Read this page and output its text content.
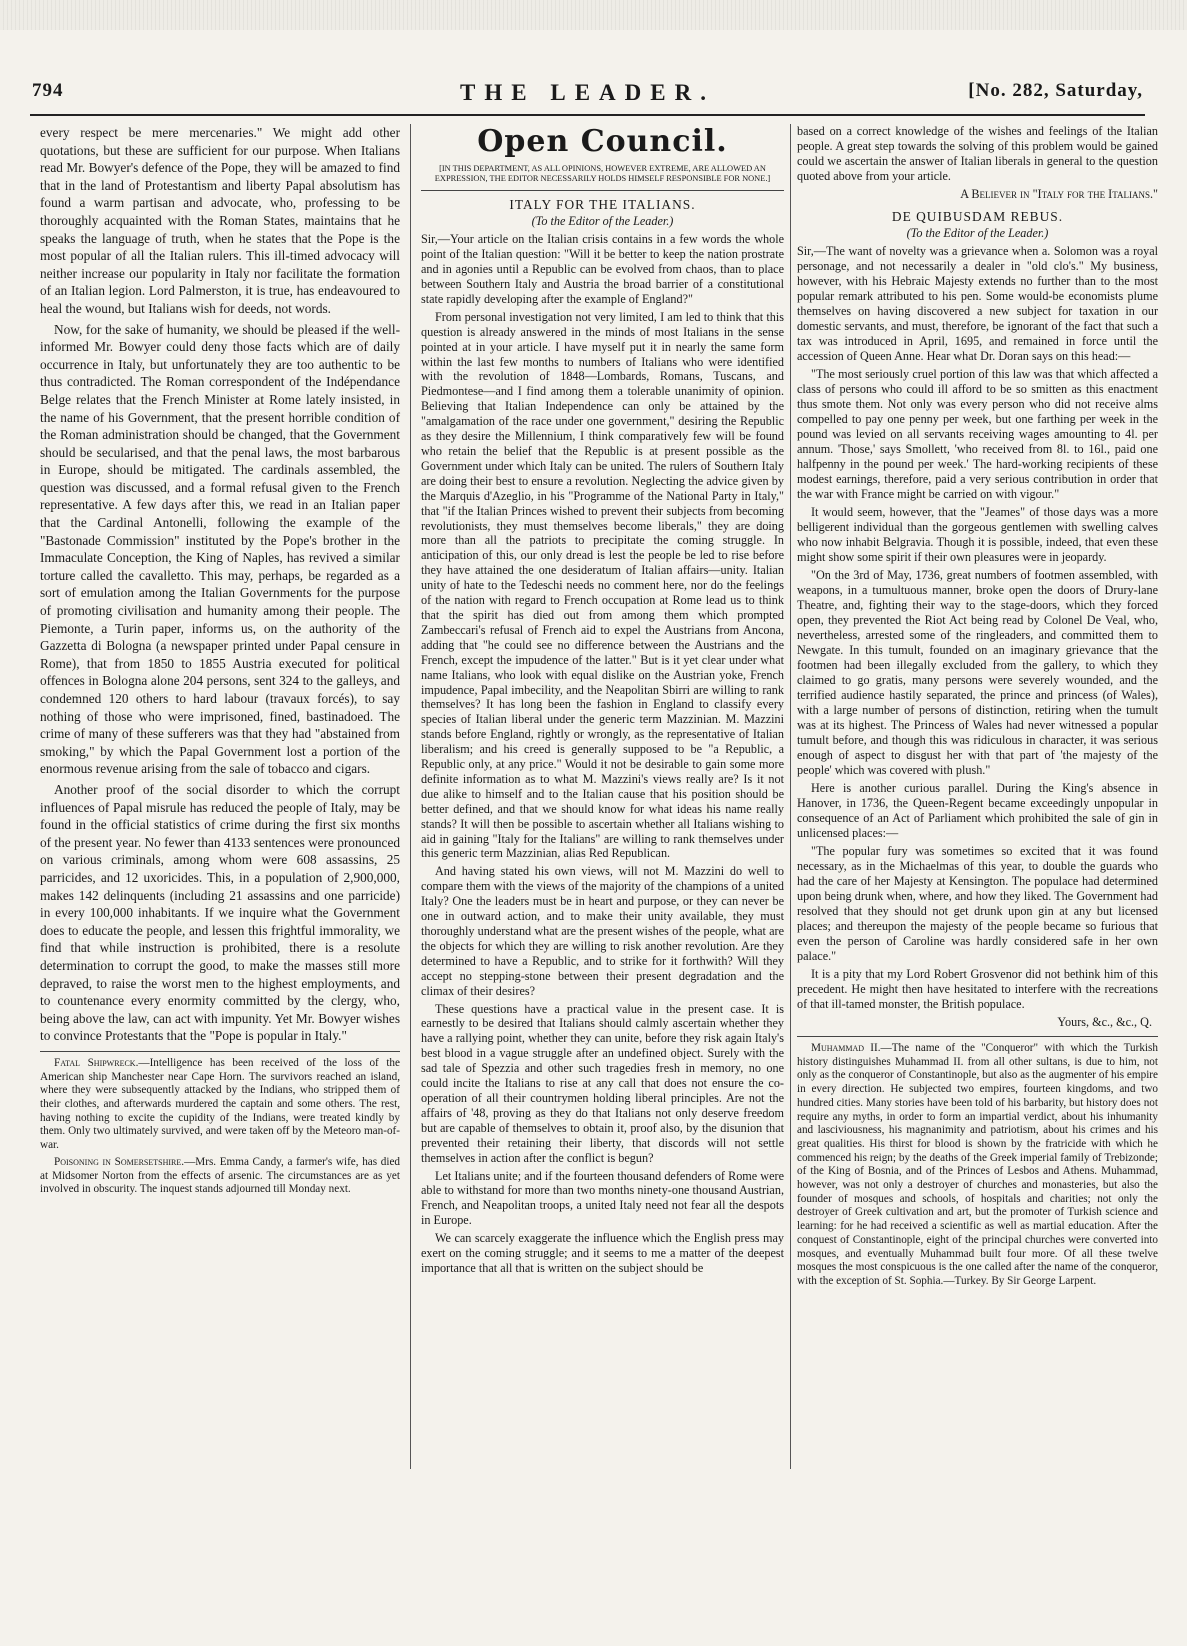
794	THE LEADER.	[No. 282, Saturday,

every respect be mere mercenaries." We might add other quotations, but these are sufficient for our purpose. When Italians read Mr. Bowyer's defence of the Pope, they will be amazed to find that in the land of Protestantism and liberty Papal absolutism has found a warm partisan and advocate, who, professing to be thoroughly acquainted with the Roman States, maintains that he speaks the language of truth, when he states that the Pope is the most popular of all the Italian rulers. This ill-timed advocacy will neither increase our popularity in Italy nor facilitate the formation of an Italian legion. Lord Palmerston, it is true, has endeavoured to heal the wound, but Italians wish for deeds, not words.

Now, for the sake of humanity, we should be pleased if the well-informed Mr. Bowyer could deny those facts which are of daily occurrence in Italy, but unfortunately they are too authentic to be thus contradicted. The Roman correspondent of the Indépendance Belge relates that the French Minister at Rome lately insisted, in the name of his Government, that the present horrible condition of the Roman administration should be changed, that the Government should be secularised, and that the penal laws, the most barbarous in Europe, should be mitigated. The cardinals assembled, the question was discussed, and a formal refusal given to the French representative. A few days after this, we read in an Italian paper that the Cardinal Antonelli, following the example of the "Bastonade Commission" instituted by the Pope's brother in the Immaculate Conception, the King of Naples, has revived a similar torture called the cavalletto. This may, perhaps, be regarded as a sort of emulation among the Italian Governments for the purpose of promoting civilisation and humanity among their people. The Piemonte, a Turin paper, informs us, on the authority of the Gazzetta di Bologna (a newspaper printed under Papal censure in Rome), that from 1850 to 1855 Austria executed for political offences in Bologna alone 204 persons, sent 324 to the galleys, and condemned 120 others to hard labour (travaux forcés), to say nothing of those who were imprisoned, fined, bastinadoed. The crime of many of these sufferers was that they had "abstained from smoking," by which the Papal Government lost a portion of the enormous revenue arising from the sale of tobacco and cigars.

Another proof of the social disorder to which the corrupt influences of Papal misrule has reduced the people of Italy, may be found in the official statistics of crime during the first six months of the present year. No fewer than 4133 sentences were pronounced on various criminals, among whom were 608 assassins, 25 parricides, and 12 uxoricides. This, in a population of 2,900,000, makes 142 delinquents (including 21 assassins and one parricide) in every 100,000 inhabitants. If we inquire what the Government does to educate the people, and lessen this frightful immorality, we find that while instruction is prohibited, there is a resolute determination to corrupt the good, to make the masses still more depraved, to raise the worst men to the highest employments, and to countenance every enormity committed by the clergy, who, being above the law, can act with impunity. Yet Mr. Bowyer wishes to convince Protestants that the "Pope is popular in Italy."

Fatal Shipwreck.—Intelligence has been received of the loss of the American ship Manchester near Cape Horn. The survivors reached an island, where they were subsequently attacked by the Indians, who stripped them of their clothes, and afterwards murdered the captain and some others. The rest, having nothing to excite the cupidity of the Indians, were treated kindly by them. Only two ultimately survived, and were taken off by the Meteoro man-of-war.

Poisoning in Somersetshire.—Mrs. Emma Candy, a farmer's wife, has died at Midsomer Norton from the effects of arsenic. The circumstances are as yet involved in obscurity. The inquest stands adjourned till Monday next.

Open Council.

[IN THIS DEPARTMENT, AS ALL OPINIONS, HOWEVER EXTREME, ARE ALLOWED AN EXPRESSION, THE EDITOR NECESSARILY HOLDS HIMSELF RESPONSIBLE FOR NONE.]

ITALY FOR THE ITALIANS.

(To the Editor of the Leader.)

Sir,—Your article on the Italian crisis contains in a few words the whole point of the Italian question: "Will it be better to keep the nation prostrate and in agonies until a Republic can be evolved from chaos, than to place between Southern Italy and Austria the broad barrier of a constitutional state rapidly developing after the example of England?"

From personal investigation not very limited, I am led to think that this question is already answered in the minds of most Italians in the sense pointed at in your article. I have myself put it in nearly the same form within the last few months to numbers of Italians who were identified with the revolution of 1848—Lombards, Romans, Tuscans, and Piedmontese—and I find among them a tolerable unanimity of opinion. Believing that Italian Independence can only be attained by the "amalgamation of the race under one government," desiring the Republic as they desire the Millennium, I think comparatively few will be found who retain the belief that the Republic is at present possible as the Government under which Italy can be united. The rulers of Southern Italy are doing their best to ensure a revolution. Neglecting the advice given by the Marquis d'Azeglio, in his "Programme of the National Party in Italy," that "if the Italian Princes wished to prevent their subjects from becoming revolutionists, they must themselves become liberals," they are doing more than all the patriots to precipitate the coming struggle. In anticipation of this, our only dread is lest the people be led to rise before they have attained the one desideratum of Italian affairs—unity. Italian unity of hate to the Tedeschi needs no comment here, nor do the feelings of the nation with regard to French occupation at Rome lead us to think that the spirit has died out from among them which prompted Zambeccari's refusal of French aid to expel the Austrians from Ancona, adding that "he could see no difference between the Austrians and the French, except the impudence of the latter." But is it yet clear under what name Italians, who look with equal dislike on the Austrian yoke, French impudence, Papal imbecility, and the Neapolitan Sbirri are willing to rank themselves? It has long been the fashion in England to classify every species of Italian liberal under the generic term Mazzinian. M. Mazzini stands before England, rightly or wrongly, as the representative of Italian liberalism; and his creed is generally supposed to be "a Republic, a Republic only, at any price." Would it not be desirable to gain some more definite information as to what M. Mazzini's views really are? Is it not due alike to himself and to the Italian cause that his position should be better defined, and that we should know for what ideas his name really stands? It will then be possible to ascertain whether all Italians wishing to aid in gaining "Italy for the Italians" are willing to rank themselves under this generic term Mazzinian, alias Red Republican.

And having stated his own views, will not M. Mazzini do well to compare them with the views of the majority of the champions of a united Italy? One the leaders must be in heart and purpose, or they can never be one in outward action, and to make their unity available, they must thoroughly understand what are the present wishes of the people, what are the objects for which they are willing to risk another revolution. Are they determined to have a Republic, and to strike for it forthwith? Will they accept no stepping-stone between their present degradation and the climax of their desires?

These questions have a practical value in the present case. It is earnestly to be desired that Italians should calmly ascertain whether they have a rallying point, whether they can unite, before they risk again Italy's best blood in a vague struggle after an undefined object. Surely with the sad tale of Spezzia and other such tragedies fresh in memory, no one could incite the Italians to rise at any call that does not ensure the co-operation of all their countrymen holding liberal principles. Are not the affairs of '48, proving as they do that Italians not only deserve freedom but are capable of themselves to obtain it, proof also, by the disunion that prevented their retaining their liberty, that discords will not settle themselves in action after the conflict is begun?

Let Italians unite; and if the fourteen thousand defenders of Rome were able to withstand for more than two months ninety-one thousand Austrian, French, and Neapolitan troops, a united Italy need not fear all the despots in Europe.

We can scarcely exaggerate the influence which the English press may exert on the coming struggle; and it seems to me a matter of the deepest importance that all that is written on the subject should be

based on a correct knowledge of the wishes and feelings of the Italian people. A great step towards the solving of this problem would be gained could we ascertain the answer of Italian liberals in general to the question quoted above from your article.

A Believer in "Italy for the Italians."

DE QUIBUSDAM REBUS.

(To the Editor of the Leader.)

Sir,—The want of novelty was a grievance when a. Solomon was a royal personage, and not necessarily a dealer in "old clo's." My business, however, with his Hebraic Majesty extends no further than to the most popular remark attributed to his pen. Some would-be economists plume themselves on having discovered a new subject for taxation in our domestic servants, and must, therefore, be ignorant of the fact that such a tax was introduced in April, 1695, and remained in force until the accession of Queen Anne. Hear what Dr. Doran says on this head:—

"The most seriously cruel portion of this law was that which affected a class of persons who could ill afford to be so smitten as this enactment thus smote them. Not only was every person who did not receive alms compelled to pay one penny per week, but one farthing per week in the pound was levied on all servants receiving wages amounting to 4l. per annum. 'Those,' says Smollett, 'who received from 8l. to 16l., paid one halfpenny in the pound per week.' The hard-working recipients of these modest earnings, therefore, paid a very serious contribution in order that the war with France might be carried on with vigour."

It would seem, however, that the "Jeames" of those days was a more belligerent individual than the gorgeous gentlemen with swelling calves who now inhabit Belgravia. Though it is possible, indeed, that even these might show some spirit if their own pleasures were in jeopardy.

"On the 3rd of May, 1736, great numbers of footmen assembled, with weapons, in a tumultuous manner, broke open the doors of Drury-lane Theatre, and, fighting their way to the stage-doors, which they forced open, they prevented the Riot Act being read by Colonel De Veal, who, nevertheless, arrested some of the ringleaders, and committed them to Newgate. In this tumult, founded on an imaginary grievance that the footmen had been illegally excluded from the gallery, to which they claimed to go gratis, many persons were severely wounded, and the terrified audience hastily separated, the prince and princess (of Wales), with a large number of persons of distinction, retiring when the tumult was at its highest. The Princess of Wales had never witnessed a popular tumult before, and though this was ridiculous in character, it was serious enough of aspect to disgust her with that part of 'the majesty of the people' which was covered with plush."

Here is another curious parallel. During the King's absence in Hanover, in 1736, the Queen-Regent became exceedingly unpopular in consequence of an Act of Parliament which prohibited the sale of gin in unlicensed places:—

"The popular fury was sometimes so excited that it was found necessary, as in the Michaelmas of this year, to double the guards who had the care of her Majesty at Kensington. The populace had determined upon being drunk when, where, and how they liked. The Government had resolved that they should not get drunk upon gin at any but licensed places; and thereupon the majesty of the people became so furious that even the person of Caroline was hardly considered safe in her own palace."

It is a pity that my Lord Robert Grosvenor did not bethink him of this precedent. He might then have hesitated to interfere with the recreations of that ill-tamed monster, the British populace.

Yours, &c., &c., Q.

Muhammad II.—The name of the "Conqueror" with which the Turkish history distinguishes Muhammad II. from all other sultans, is due to him, not only as the conqueror of Constantinople, but also as the augmenter of his empire in every direction. He subjected two empires, fourteen kingdoms, and two hundred cities. Many stories have been told of his barbarity, but history does not require any myths, in order to form an impartial verdict, about his inhumanity and lasciviousness, his magnanimity and patriotism, about his crimes and his great qualities. His thirst for blood is shown by the fratricide with which he commenced his reign; by the deaths of the Greek imperial family of Trebizonde; of the King of Bosnia, and of the Princes of Lesbos and Athens. Muhammad, however, was not only a destroyer of churches and monasteries, but also the founder of mosques and schools, of hospitals and charities; not only the destroyer of Greek cultivation and art, but the promoter of Turkish science and learning: for he had received a scientific as well as martial education. After the conquest of Constantinople, eight of the principal churches were converted into mosques, and eventually Muhammad built four more. Of all these twelve mosques the most conspicuous is the one called after the name of the conqueror, with the exception of St. Sophia.—Turkey. By Sir George Larpent.
